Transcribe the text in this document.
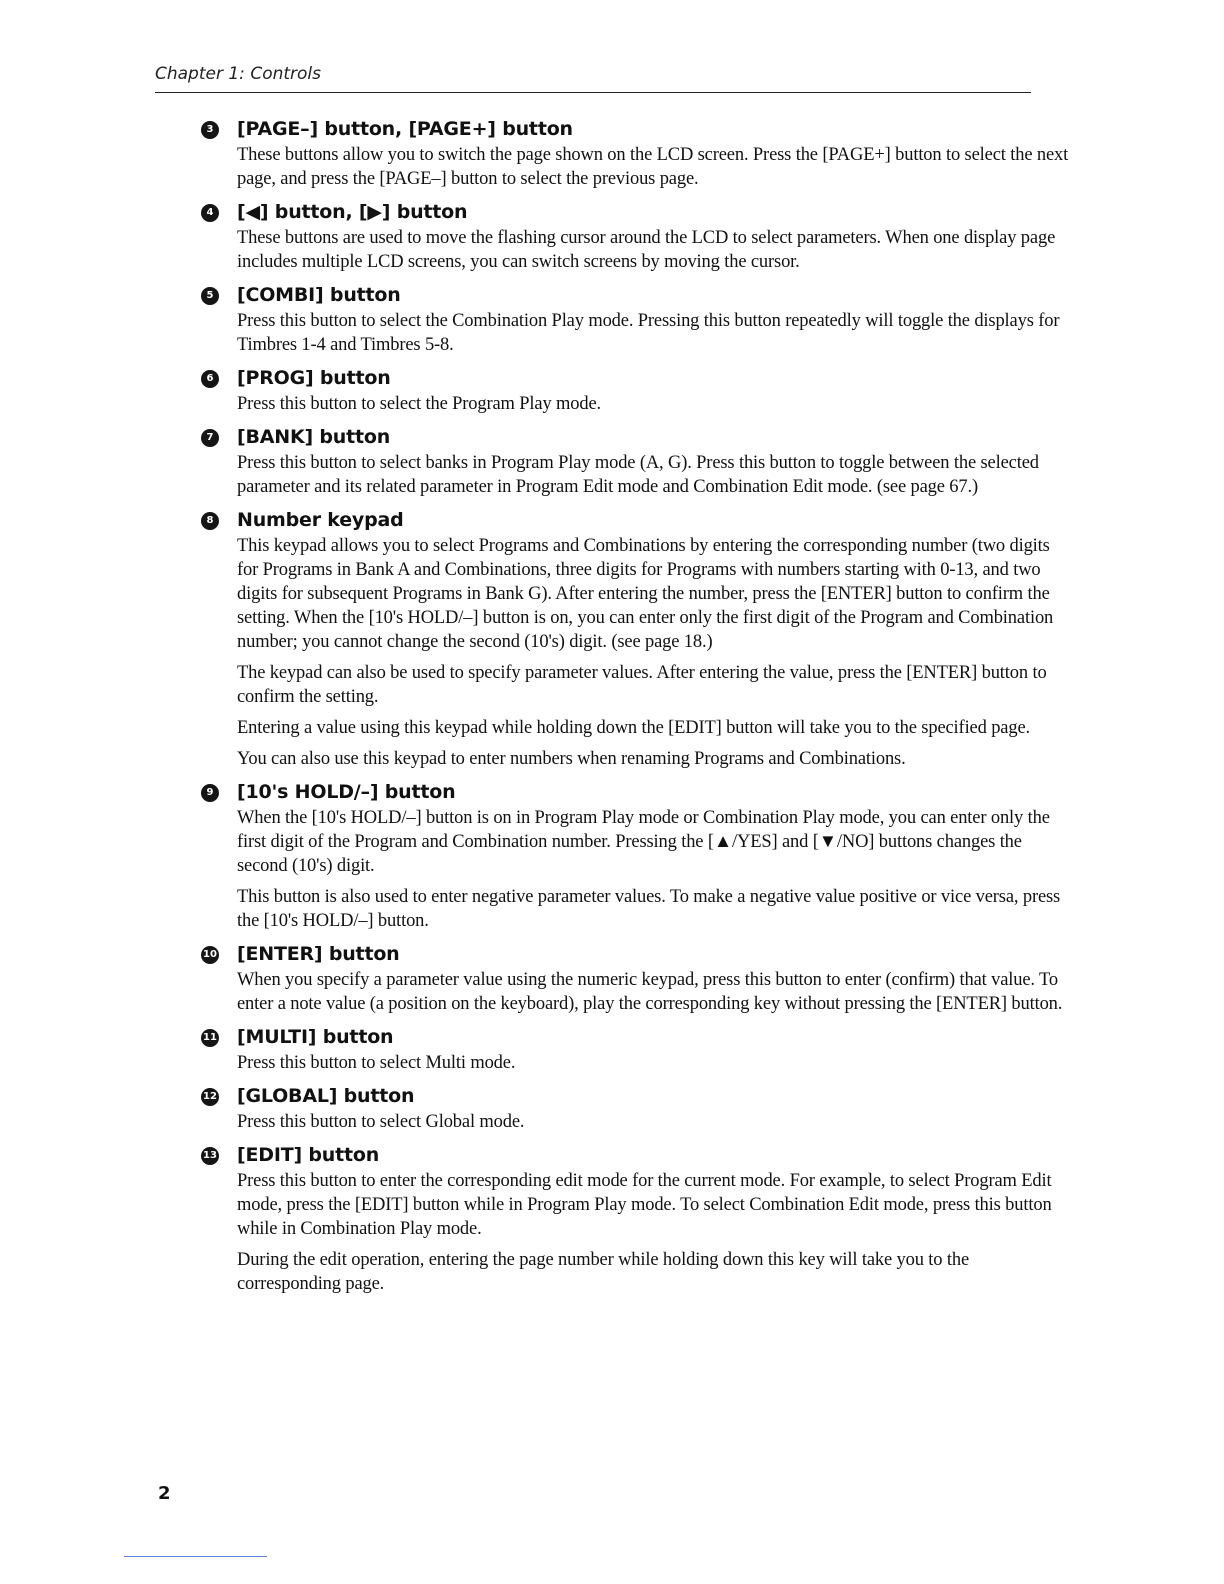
Chapter 1: Controls
3 [PAGE–] button, [PAGE+] button

These buttons allow you to switch the page shown on the LCD screen. Press the [PAGE+] button to select the next page, and press the [PAGE–] button to select the previous page.

4 [◀] button, [▶] button

These buttons are used to move the flashing cursor around the LCD to select parameters. When one display page includes multiple LCD screens, you can switch screens by moving the cursor.

5 [COMBI] button

Press this button to select the Combination Play mode. Pressing this button repeatedly will toggle the displays for Timbres 1-4 and Timbres 5-8.

6 [PROG] button

Press this button to select the Program Play mode.

7 [BANK] button

Press this button to select banks in Program Play mode (A, G). Press this button to toggle between the selected parameter and its related parameter in Program Edit mode and Combination Edit mode. (see page 67.)

8 Number keypad

This keypad allows you to select Programs and Combinations by entering the corresponding number (two digits for Programs in Bank A and Combinations, three digits for Programs with numbers starting with 0-13, and two digits for subsequent Programs in Bank G). After entering the number, press the [ENTER] button to confirm the setting. When the [10's HOLD/–] button is on, you can enter only the first digit of the Program and Combination number; you cannot change the second (10's) digit. (see page 18.)

The keypad can also be used to specify parameter values. After entering the value, press the [ENTER] button to confirm the setting.

Entering a value using this keypad while holding down the [EDIT] button will take you to the specified page.

You can also use this keypad to enter numbers when renaming Programs and Combinations.

9 [10's HOLD/–] button

When the [10's HOLD/–] button is on in Program Play mode or Combination Play mode, you can enter only the first digit of the Program and Combination number. Pressing the [▲/YES] and [▼/NO] buttons changes the second (10's) digit.

This button is also used to enter negative parameter values. To make a negative value positive or vice versa, press the [10's HOLD/–] button.

10 [ENTER] button

When you specify a parameter value using the numeric keypad, press this button to enter (confirm) that value. To enter a note value (a position on the keyboard), play the corresponding key without pressing the [ENTER] button.

11 [MULTI] button

Press this button to select Multi mode.

12 [GLOBAL] button

Press this button to select Global mode.

13 [EDIT] button

Press this button to enter the corresponding edit mode for the current mode. For example, to select Program Edit mode, press the [EDIT] button while in Program Play mode. To select Combination Edit mode, press this button while in Combination Play mode.

During the edit operation, entering the page number while holding down this key will take you to the corresponding page.

2
